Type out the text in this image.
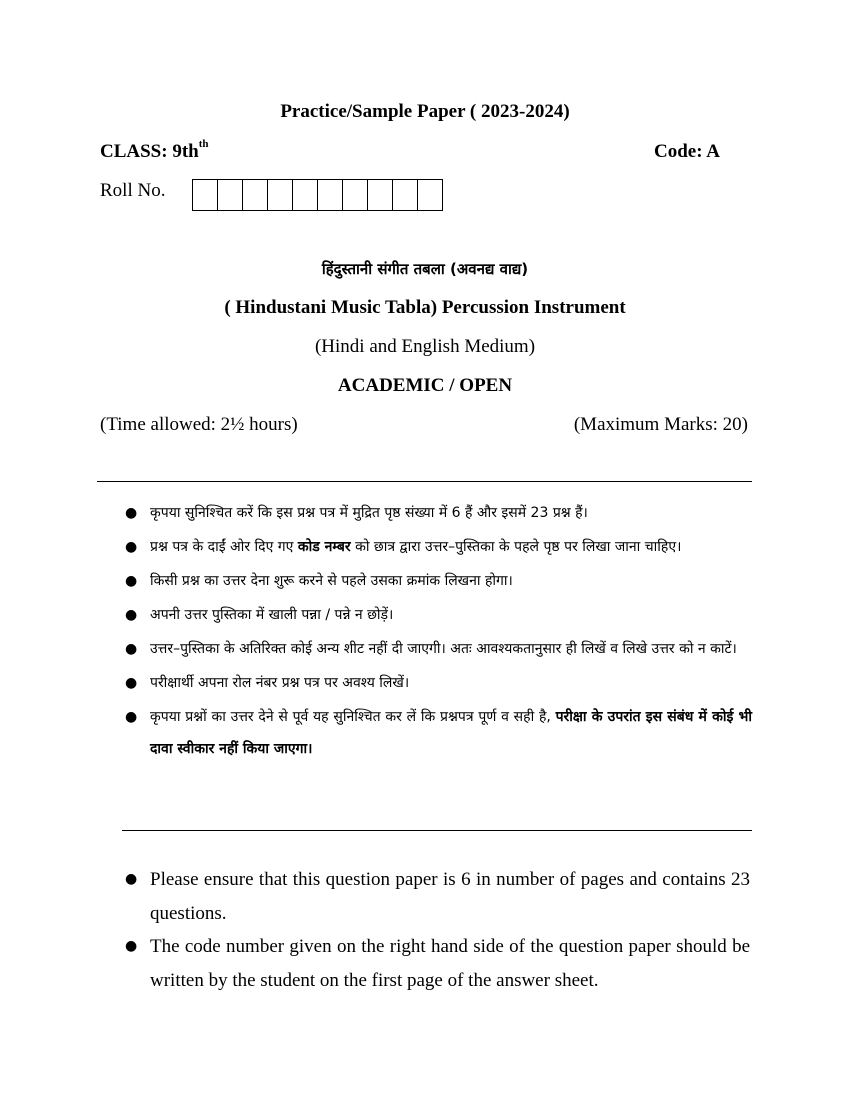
Practice/Sample Paper ( 2023-2024)
CLASS: $9th^{th}$	Code: A
Roll No.
हिंदुस्तानी संगीत तबला (अवनद्य वाद्य)
( Hindustani Music Tabla) Percussion Instrument
(Hindi and English Medium)
ACADEMIC / OPEN
(Time allowed: 2½ hours)	(Maximum Marks: 20)
● कृपया सुनिश्चित करें कि इस प्रश्न पत्र में मुद्रित पृष्ठ संख्या में 6 हैं और इसमें 23 प्रश्न हैं।
● प्रश्न पत्र के दाईं ओर दिए गए कोड नम्बर को छात्र द्वारा उत्तर–पुस्तिका के पहले पृष्ठ पर लिखा जाना चाहिए।
● किसी प्रश्न का उत्तर देना शुरू करने से पहले उसका क्रमांक लिखना होगा।
● अपनी उत्तर पुस्तिका में खाली पन्ना / पन्ने न छोड़ें।
● उत्तर–पुस्तिका के अतिरिक्त कोई अन्य शीट नहीं दी जाएगी। अतः आवश्यकतानुसार ही लिखें व लिखे उत्तर को न काटें।
● परीक्षार्थी अपना रोल नंबर प्रश्न पत्र पर अवश्य लिखें।
● कृपया प्रश्नों का उत्तर देने से पूर्व यह सुनिश्चित कर लें कि प्रश्नपत्र पूर्ण व सही है, परीक्षा के उपरांत इस संबंध में कोई भी दावा स्वीकार नहीं किया जाएगा।
● Please ensure that this question paper is 6 in number of pages and contains 23 questions.
● The code number given on the right hand side of the question paper should be written by the student on the first page of the answer sheet.
